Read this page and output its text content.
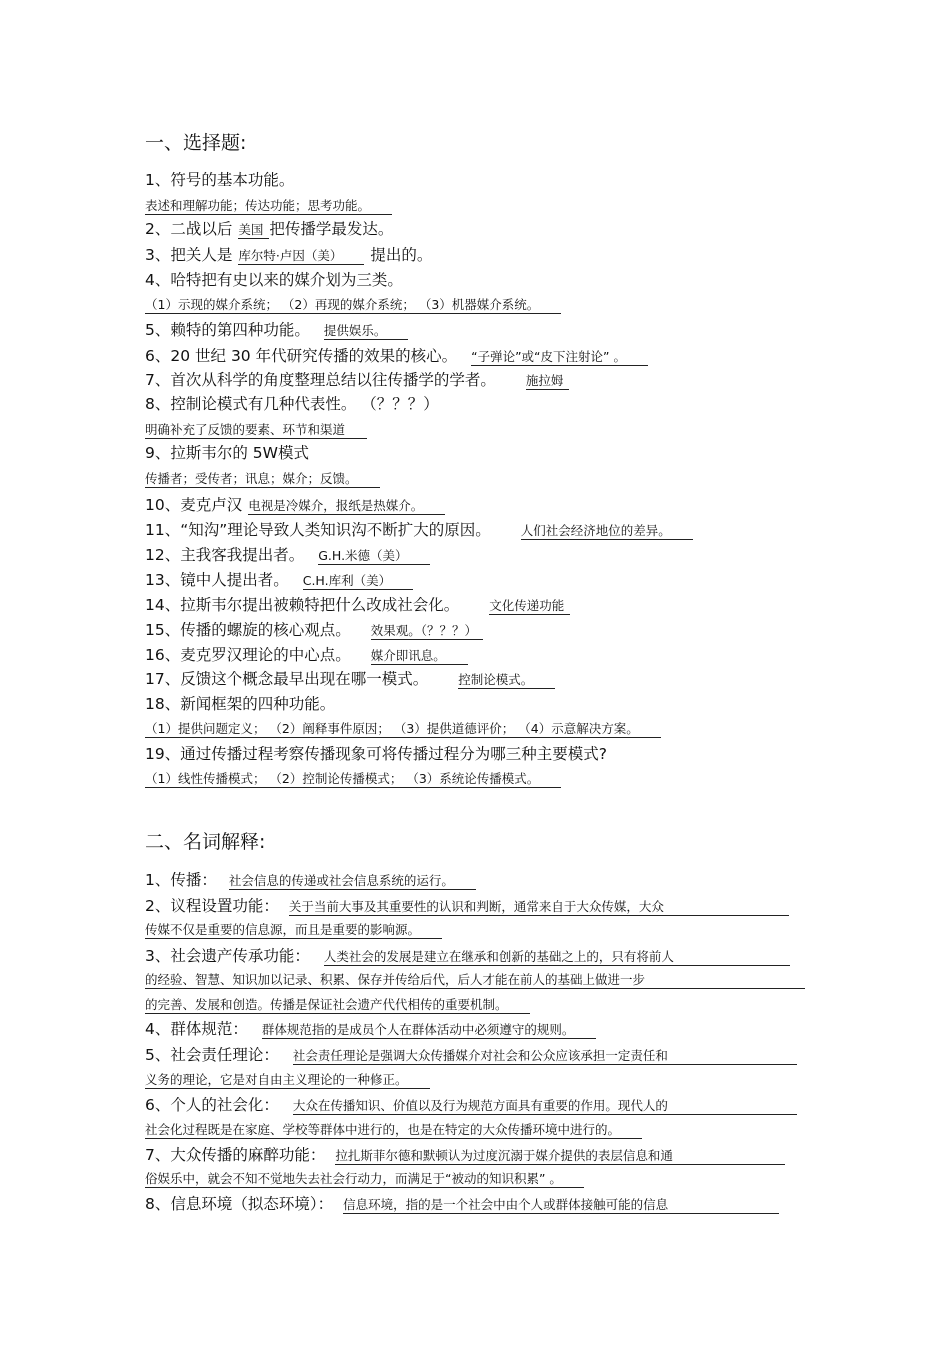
一、选择题:
1、符号的基本功能。
表述和理解功能；传达功能；思考功能。
2、二战以后 美国 把传播学最发达。
3、把关人是 库尔特·卢因（美） 提出的。
4、哈特把有史以来的媒介划为三类。
（1）示现的媒介系统； （2）再现的媒介系统； （3）机器媒介系统。
5、赖特的第四种功能。 提供娱乐。
6、20 世纪 30 年代研究传播的效果的核心。 “子弹论”或“皮下注射论” 。
7、首次从科学的角度整理总结以往传播学的学者。 施拉姆
8、控制论模式有几种代表性。 （？？？）
明确补充了反馈的要素、环节和渠道
9、拉斯韦尔的 5W模式
传播者；受传者；讯息；媒介；反馈。
10、麦克卢汉 电视是冷媒介，报纸是热媒介。
11、“知沟”理论导致人类知识沟不断扩大的原因。 人们社会经济地位的差异。
12、主我客我提出者。 G.H.米德（美）
13、镜中人提出者。 C.H.库利（美）
14、拉斯韦尔提出被赖特把什么改成社会化。 文化传递功能
15、传播的螺旋的核心观点。 效果观。（？？？）
16、麦克罗汉理论的中心点。 媒介即讯息。
17、反馈这个概念最早出现在哪一模式。 控制论模式。
18、新闻框架的四种功能。
（1）提供问题定义； （2）阐释事件原因； （3）提供道德评价； （4）示意解决方案。
19、通过传播过程考察传播现象可将传播过程分为哪三种主要模式?
（1）线性传播模式； （2）控制论传播模式； （3）系统论传播模式。
二、名词解释:
1、传播： 社会信息的传递或社会信息系统的运行。
2、议程设置功能： 关于当前大事及其重要性的认识和判断，通常来自于大众传媒，大众
传媒不仅是重要的信息源，而且是重要的影响源。
3、社会遗产传承功能： 人类社会的发展是建立在继承和创新的基础之上的，只有将前人
的经验、智慧、知识加以记录、积累、保存并传给后代，后人才能在前人的基础上做进一步
的完善、发展和创造。传播是保证社会遗产代代相传的重要机制。
4、群体规范： 群体规范指的是成员个人在群体活动中必须遵守的规则。
5、社会责任理论： 社会责任理论是强调大众传播媒介对社会和公众应该承担一定责任和
义务的理论，它是对自由主义理论的一种修正。
6、个人的社会化： 大众在传播知识、价值以及行为规范方面具有重要的作用。现代人的
社会化过程既是在家庭、学校等群体中进行的，也是在特定的大众传播环境中进行的。
7、大众传播的麻醉功能： 拉扎斯菲尔德和默顿认为过度沉溺于媒介提供的表层信息和通
俗娱乐中，就会不知不觉地失去社会行动力，而满足于“被动的知识积累” 。
8、信息环境（拟态环境）： 信息环境，指的是一个社会中由个人或群体接触可能的信息
